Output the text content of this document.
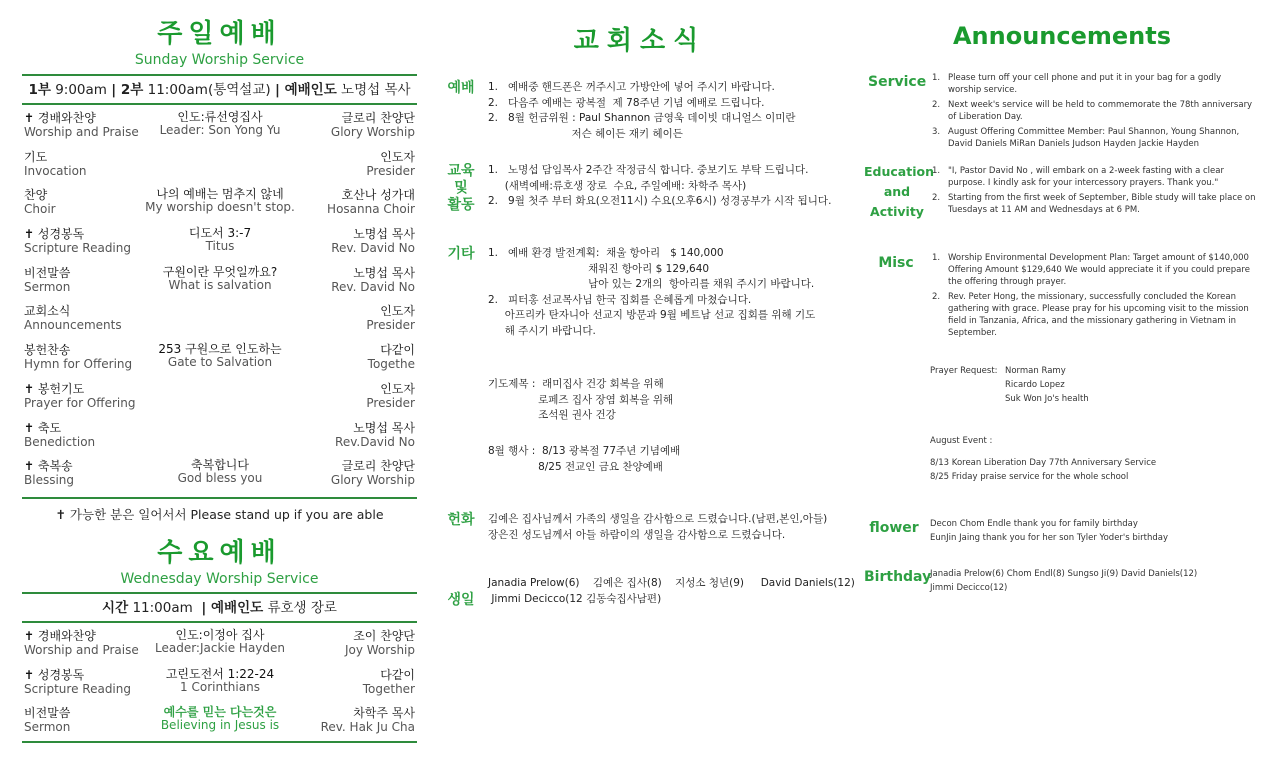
주일예배
Sunday Worship Service
1부 9:00am | 2부 11:00am(통역설교) | 예배인도 노명섭 목사
✝ 경배와찬양
Worship and Praise
인도:류선영집사
Leader: Son Yong Yu
글로리 찬양단
Glory Worship
기도
Invocation
인도자
Presider
찬양
Choir
나의 예배는 멈추지 않네
My worship doesn't stop.
호산나 성가대
Hosanna Choir
✝ 성경봉독
Scripture Reading
디도서 3:-7
Titus
노명섭 목사
Rev. David No
비전말씀
Sermon
구원이란 무엇일까요?
What is salvation
노명섭 목사
Rev. David No
교회소식
Announcements
인도자
Presider
봉헌찬송
Hymn for Offering
253 구원으로 인도하는
Gate to Salvation
다같이
Togethe
✝ 봉헌기도
Prayer for Offering
인도자
Presider
✝ 축도
Benediction
노명섭 목사
Rev.David No
✝ 축복송
Blessing
축복합니다
God bless you
글로리 찬양단
Glory Worship
✝ 가능한 분은 일어서서 Please stand up if you are able
수요예배
Wednesday Worship Service
시간 11:00am | 예배인도 류호생 장로
✝ 경배와찬양
Worship and Praise
인도:이정아 집사
Leader:Jackie Hayden
조이 찬양단
Joy Worship
✝ 성경봉독
Scripture Reading
고린도전서 1:22-24
1 Corinthians
다같이
Together
비전말씀
Sermon
예수를 믿는 다는것은
Believing in Jesus is
차학주 목사
Rev. Hak Ju Cha
교회소식
예배 1.   예배중 핸드폰은 꺼주시고 가방안에 넣어 주시기 바랍니다.
2.   다음주 예배는 광복절  제 78주년 기념 예배로 드립니다.
2.   8월 헌금위원 : Paul Shannon 금영욱 데이빗 대니얼스 이미란
저슨 헤이든 재키 헤이든
교육
및
활동
1.   노명섭 담임목사 2주간 작정금식 합니다. 중보기도 부탁 드립니다.
(새벽예배:류호생 장로  수요, 주일예배: 차학주 목사)
2.   9월 첫주 부터 화요(오전11시) 수요(오후6시) 성경공부가 시작 됩니다.
기타 1.   예배 환경 발전계획:  채울 항아리   $ 140,000
채워진 항아리 $ 129,640
남아 있는 2개의  항아리를 채워 주시기 바랍니다.
2.   피터홍 선교목사님 한국 집회를 은혜롭게 마쳤습니다.
아프리카 탄자니아 선교지 방문과 9월 베트남 선교 집회를 위해 기도
해 주시기 바랍니다.
기도제목 :  래미집사 건강 회복을 위해
로페즈 집사 장염 회복을 위해
조석원 권사 건강
8월 행사 :  8/13 광복절 77주년 기념예배
8/25 전교인 금요 찬양예배
헌화 김예은 집사님께서 가족의 생일을 감사함으로 드렸습니다.(남편,본인,아들)
장은진 성도님께서 아들 하람이의 생일을 감사함으로 드렸습니다.
생일
Janadia Prelow(6)    김예은 집사(8)    지성소 청년(9)     David Daniels(12)
Jimmi Decicco(12 김동숙집사남편)
Announcements
Service 1. Please turn off your cell phone and put it in your bag for a godly worship service.
2. Next week's service will be held to commemorate the 78th anniversary of Liberation Day.
3. August Offering Committee Member: Paul Shannon, Young Shannon, David Daniels MiRan Daniels Judson Hayden Jackie Hayden
Education
and
Activity
1. "I, Pastor David No , will embark on a 2-week fasting with a clear purpose. I kindly ask for your intercessory prayers. Thank you."
2. Starting from the first week of September, Bible study will take place on Tuesdays at 11 AM and Wednesdays at 6 PM.
Misc	1. Worship Environmental Development Plan: Target amount of $140,000 Offering Amount $129,640 We would appreciate it if you could prepare the offering through prayer.
2. Rev. Peter Hong, the missionary, successfully concluded the Korean gathering with grace. Please pray for his upcoming visit to the mission field in Tanzania, Africa, and the missionary gathering in Vietnam in September.
Prayer Request: Norman Ramy
Ricardo Lopez
Suk Won Jo's health
August Event :
8/13 Korean Liberation Day 77th Anniversary Service
8/25 Friday praise service for the whole school
flower	Decon Chom Endle thank you for family birthday
EunJin Jaing thank you for her son Tyler Yoder's birthday
Birthday
Janadia Prelow(6) Chom Endl(8) Sungso Ji(9) David Daniels(12)
Jimmi Decicco(12)
